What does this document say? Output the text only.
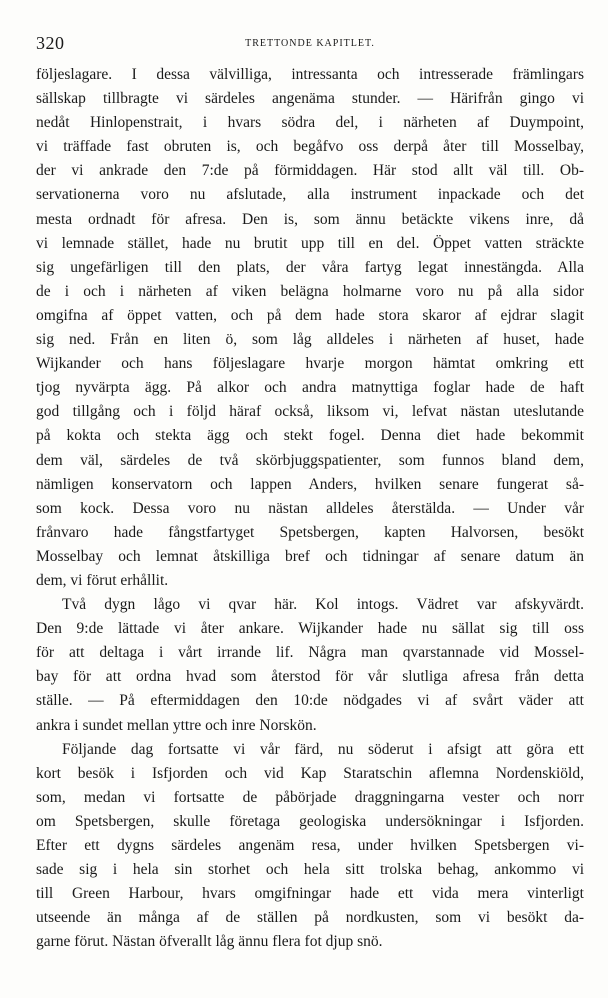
320	TRETTONDE KAPITLET.
följeslagare. I dessa välvilliga, intressanta och intresserade främlingars
sällskap tillbragte vi särdeles angenäma stunder. — Härifrån gingo vi
nedåt Hinlopenstrait, i hvars södra del, i närheten af Duympoint,
vi träffade fast obruten is, och begåfvo oss derpå åter till Mosselbay,
der vi ankrade den 7:de på förmiddagen. Här stod allt väl till. Ob-
servationerna voro nu afslutade, alla instrument inpackade och det
mesta ordnadt för afresa. Den is, som ännu betäckte vikens inre, då
vi lemnade stället, hade nu brutit upp till en del. Öppet vatten sträckte
sig ungefärligen till den plats, der våra fartyg legat innestängda. Alla
de i och i närheten af viken belägna holmarne voro nu på alla sidor
omgifna af öppet vatten, och på dem hade stora skaror af ejdrar slagit
sig ned. Från en liten ö, som låg alldeles i närheten af huset, hade
Wijkander och hans följeslagare hvarje morgon hämtat omkring ett
tjog nyvärpta ägg. På alkor och andra matnyttiga foglar hade de haft
god tillgång och i följd häraf också, liksom vi, lefvat nästan uteslutande
på kokta och stekta ägg och stekt fogel. Denna diet hade bekommit
dem väl, särdeles de två skörbjuggspatienter, som funnos bland dem,
nämligen konservatorn och lappen Anders, hvilken senare fungerat så-
som kock. Dessa voro nu nästan alldeles återstälda. — Under vår
frånvaro hade fångstfartyget Spetsbergen, kapten Halvorsen, besökt
Mosselbay och lemnat åtskilliga bref och tidningar af senare datum än
dem, vi förut erhållit.
Två dygn lågo vi qvar här. Kol intogs. Vädret var afskyvärdt.
Den 9:de lättade vi åter ankare. Wijkander hade nu sällat sig till oss
för att deltaga i vårt irrande lif. Några man qvarstannade vid Mossel-
bay för att ordna hvad som återstod för vår slutliga afresa från detta
ställe. — På eftermiddagen den 10:de nödgades vi af svårt väder att
ankra i sundet mellan yttre och inre Norskön.
Följande dag fortsatte vi vår färd, nu söderut i afsigt att göra ett
kort besök i Isfjorden och vid Kap Staratschin aflemna Nordenskiöld,
som, medan vi fortsatte de påbörjade draggningarna vester och norr
om Spetsbergen, skulle företaga geologiska undersökningar i Isfjorden.
Efter ett dygns särdeles angenäm resa, under hvilken Spetsbergen vi-
sade sig i hela sin storhet och hela sitt trolska behag, ankommo vi
till Green Harbour, hvars omgifningar hade ett vida mera vinterligt
utseende än många af de ställen på nordkusten, som vi besökt da-
garne förut. Nästan öfverallt låg ännu flera fot djup snö.
